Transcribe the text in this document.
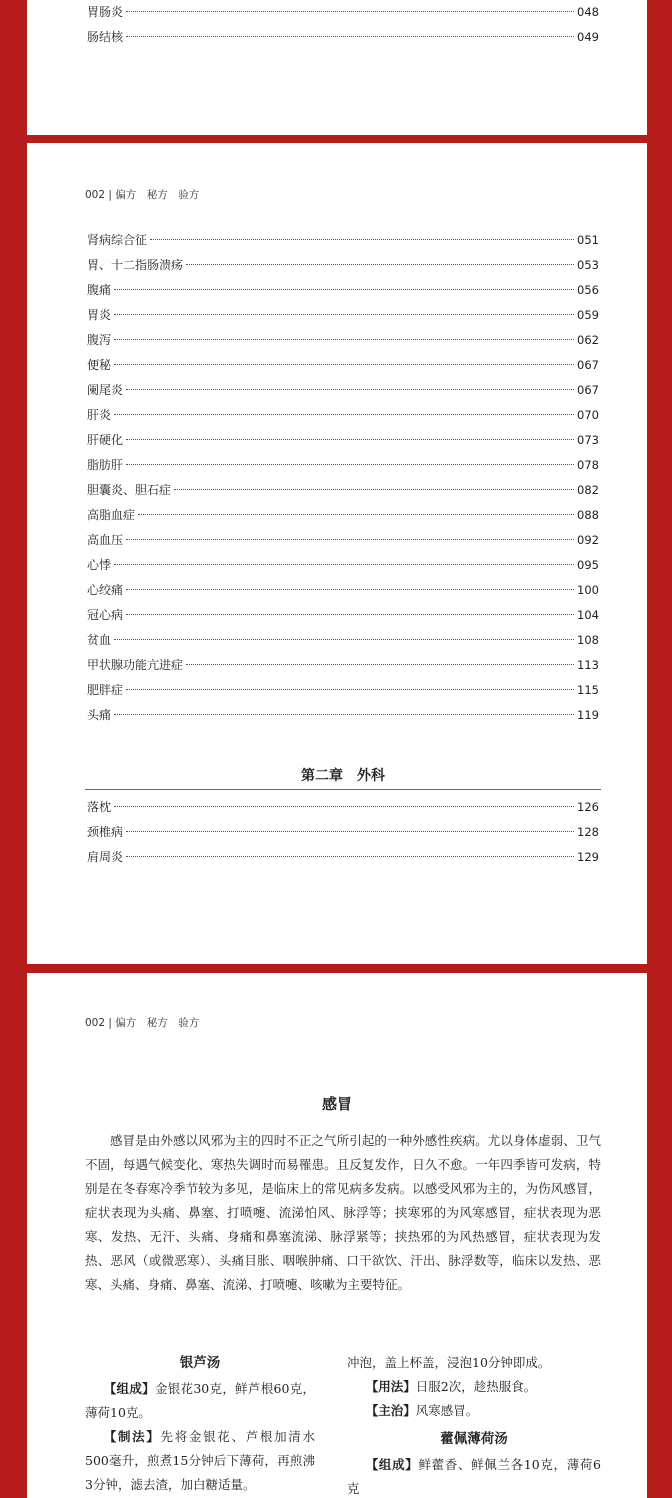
胃肠炎	048
肠结核	049
002 | 偏方　秘方　验方
肾病综合征	051
胃、十二指肠溃疡	053
腹痛	056
胃炎	059
腹泻	062
便秘	067
阑尾炎	067
肝炎	070
肝硬化	073
脂肪肝	078
胆囊炎、胆石症	082
高脂血症	088
高血压	092
心悸	095
心绞痛	100
冠心病	104
贫血	108
甲状腺功能亢进症	113
肥胖症	115
头痛	119
第二章　外科
落枕	126
颈椎病	128
肩周炎	129
002 | 偏方　秘方　验方
感冒
感冒是由外感以风邪为主的四时不正之气所引起的一种外感性疾病。尤以身体虚弱、卫气不固，每遇气候变化、寒热失调时而易罹患。且反复发作，日久不愈。一年四季皆可发病，特别是在冬春寒冷季节较为多见，是临床上的常见病多发病。以感受风邪为主的，为伤风感冒，症状表现为头痛、鼻塞、打喷嚏、流涕怕风、脉浮等；挟寒邪的为风寒感冒，症状表现为恶寒、发热、无汗、头痛、身痛和鼻塞流涕、脉浮紧等；挟热邪的为风热感冒，症状表现为发热、恶风（或微恶寒）、头痛目胀、咽喉肿痛、口干欲饮、汗出、脉浮数等，临床以发热、恶寒、头痛、身痛、鼻塞、流涕、打喷嚏、咳嗽为主要特征。
银芦汤
【组成】金银花30克，鲜芦根60克，薄荷10克。
【制法】先将金银花、芦根加清水500毫升，煎煮15分钟后下薄荷，再煎沸3分钟，滤去渣，加白糖适量。
冲泡，盖上杯盖，浸泡10分钟即成。
【用法】日服2次，趁热服食。
【主治】风寒感冒。
藿佩薄荷汤
【组成】鲜藿香、鲜佩兰各10克，薄荷6克
